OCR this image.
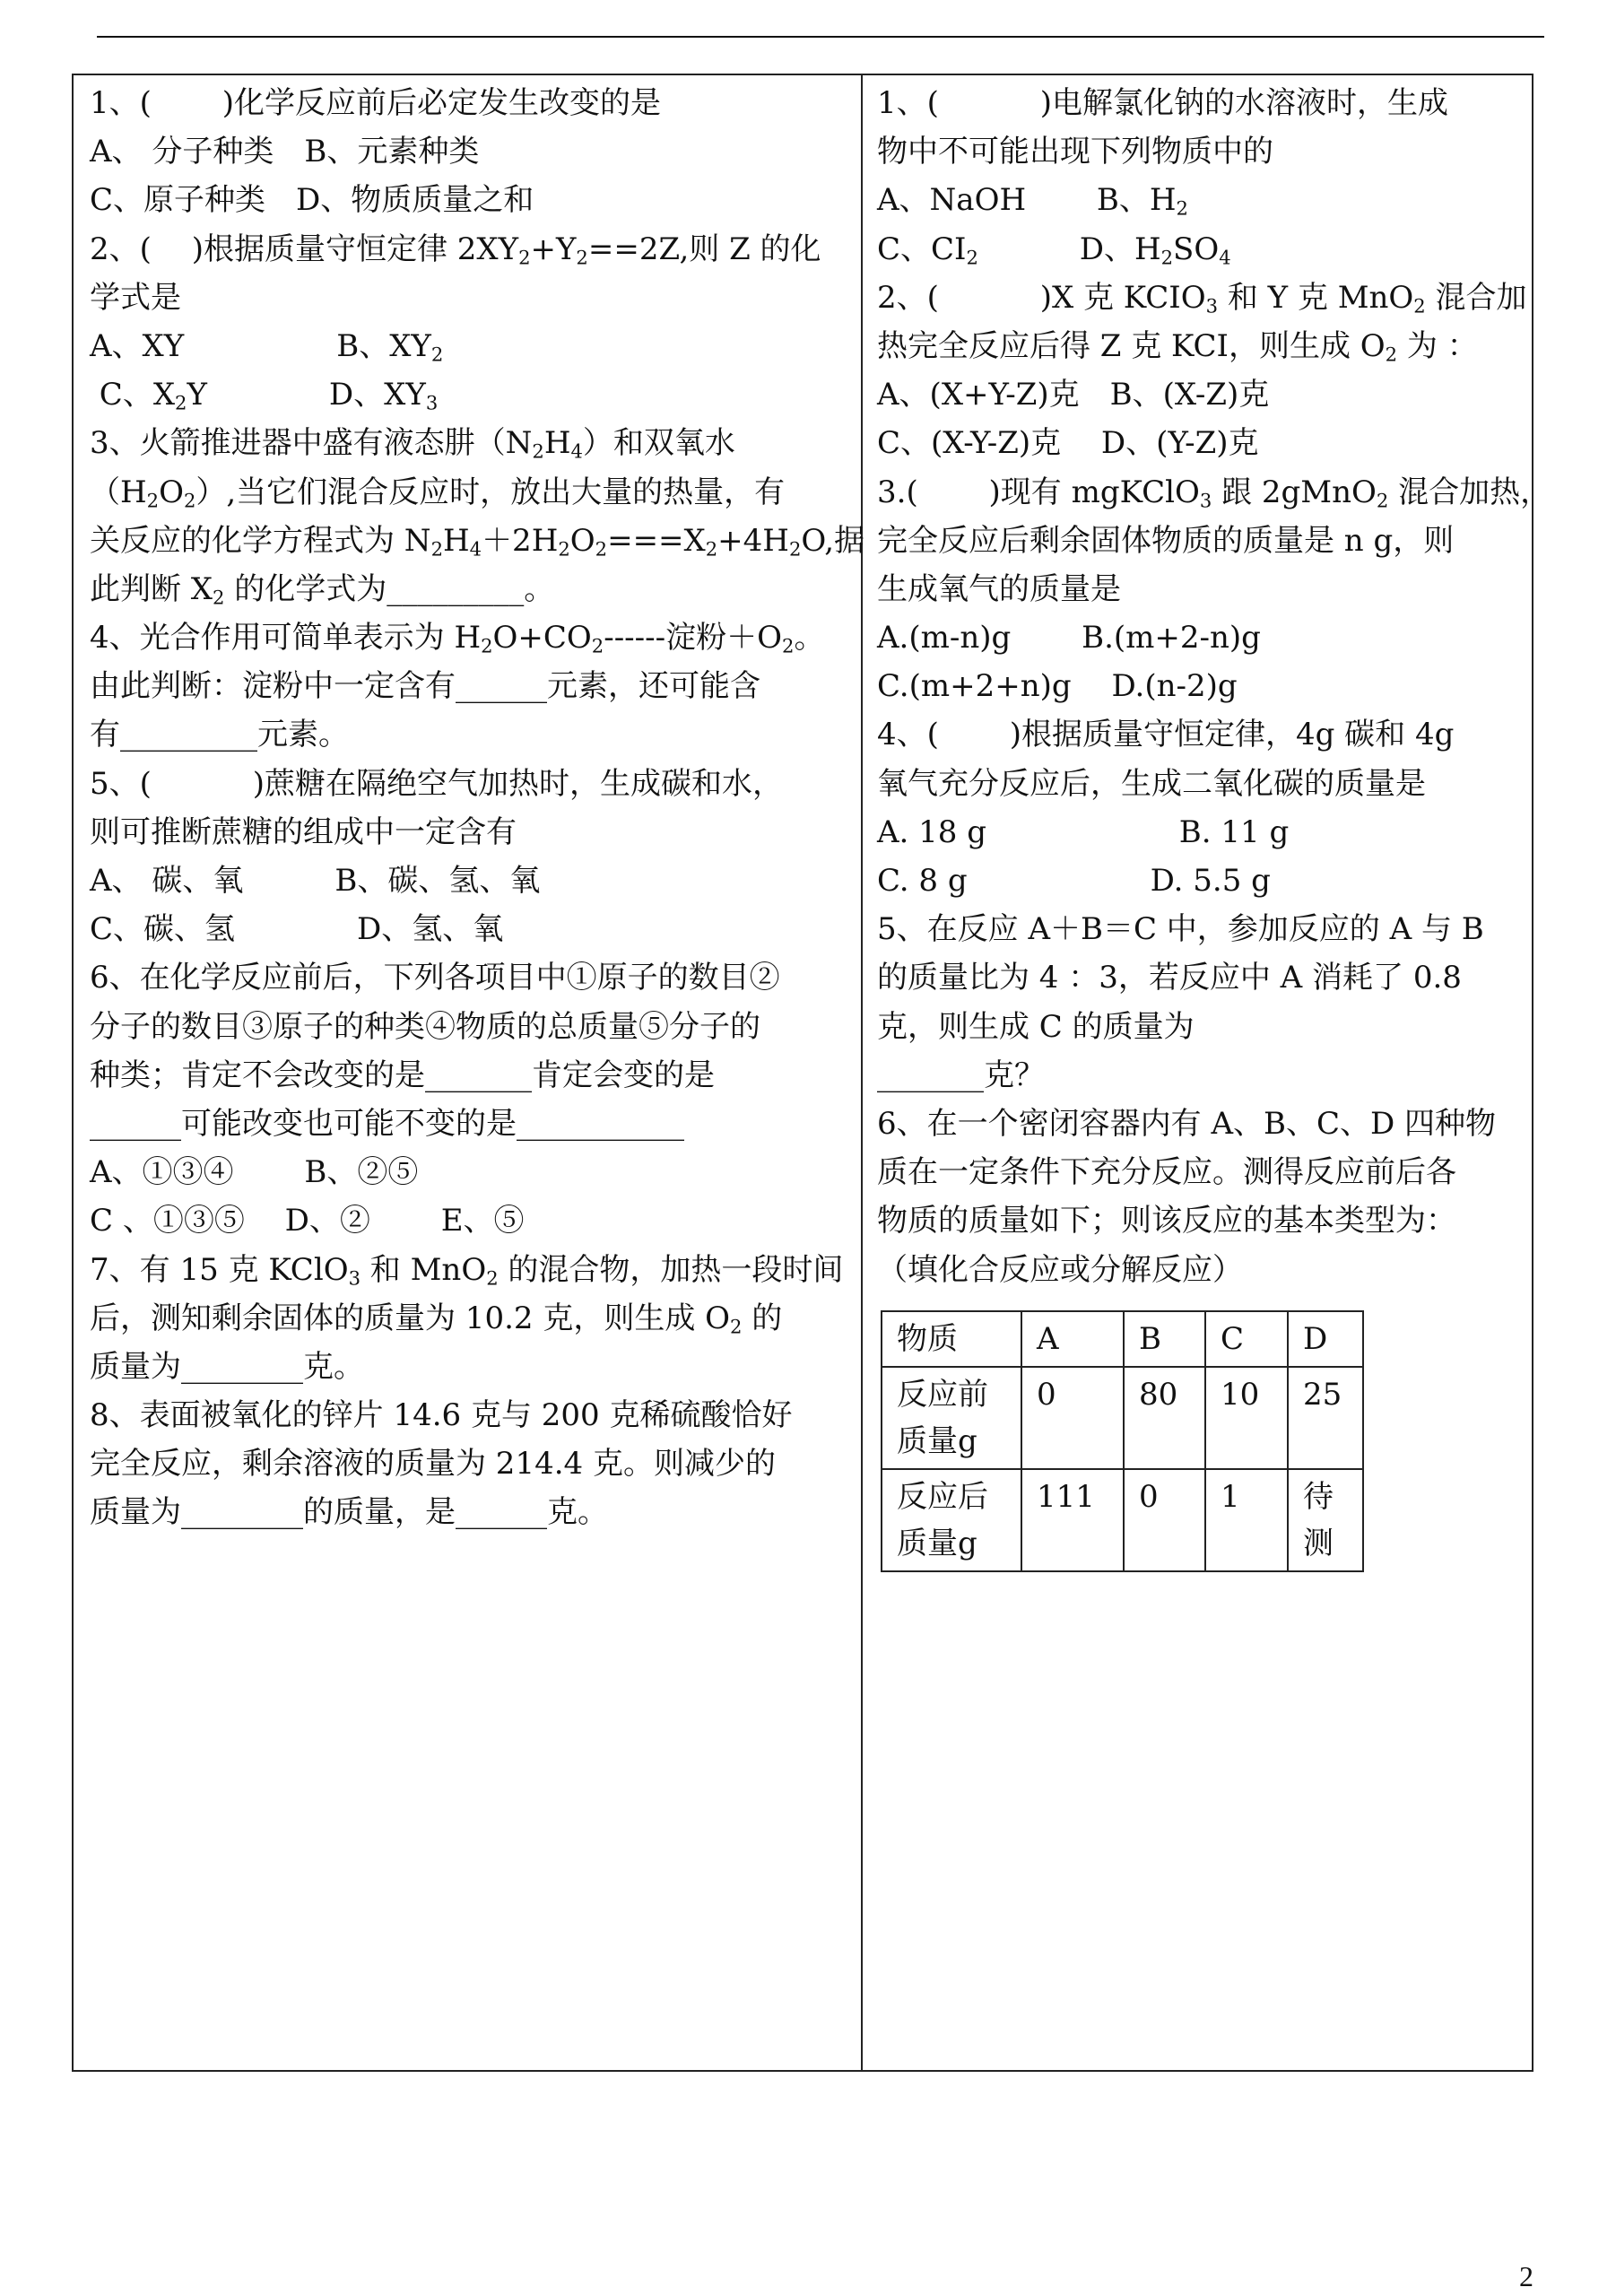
1、(　　 )化学反应前后必定发生改变的是
A、 分子种类　B、元素种类
C、原子种类　D、物质质量之和
2、(　 )根据质量守恒定律 $2XY_2+Y_2==2Z$,则 Z 的化
学式是
A、XY　　　　　B、$XY_2$
C、$X_2Y$　　　　D、$XY_3$
3、火箭推进器中盛有液态肼$(N_2H_4)$和双氧水
$(H_2O_2)$,当它们混合反应时，放出大量的热量，有
关反应的化学方程式为 $N_2H_4+2H_2O_2===X_2+4H_2O$,据
此判断 $X_2$ 的化学式为_________。
4、光合作用可简单表示为 $H_2O+CO_2------$淀粉$+O_2$。
由此判断：淀粉中一定含有______元素，还可能含
有_________元素。
5、(　　　 )蔗糖在隔绝空气加热时，生成碳和水，
则可推断蔗糖的组成中一定含有
A、 碳、氧　　　B、碳、氢、氧
C、碳、氢　　　　D、氢、氧
6、在化学反应前后，下列各项目中①原子的数目②
分子的数目③原子的种类④物质的总质量⑤分子的
种类；肯定不会改变的是_______肯定会变的是
______可能改变也可能不变的是___________
A、①③④　　 B、②⑤
C 、①③⑤　 D、②　　 E、⑤
7、有 15 克 KClO$_3$ 和 MnO$_2$ 的混合物，加热一段时间
后，测知剩余固体的质量为 10.2 克，则生成 $O_2$ 的
质量为________克。
8、表面被氧化的锌片 14.6 克与 200 克稀硫酸恰好
完全反应，剩余溶液的质量为 214.4 克。则减少的
质量为________的质量，是______克。
1、(　　　 )电解氯化钠的水溶液时，生成
物中不可能出现下列物质中的
A、NaOH　　 B、$H_2$
C、$CI_2$　　　 D、$H_2SO_4$
2、(　　　 )X 克 $KCIO_3$ 和 Y 克 MnO$_2$ 混合加
热完全反应后得 Z 克 KCI，则生成 $O_2$ 为 ：
A、(X+Y-Z)克　B、(X-Z)克
C、(X-Y-Z)克　 D、(Y-Z)克
3.(　　 )现有 mgKClO$_3$ 跟 2gMnO$_2$ 混合加热，
完全反应后剩余固体物质的质量是 n g，则
生成氧气的质量是
A.(m-n)g　　 B.(m+2-n)g
C.(m+2+n)g　 D.(n-2)g
4、(　　 )根据质量守恒定律，4g 碳和 4g
氧气充分反应后，生成二氧化碳的质量是
A. 18 g　　　　　　 B. 11 g
C. 8 g　　　　　　D. 5.5 g
5、在反应 A＋B＝C 中，参加反应的 A 与 B
的质量比为 4 ：3，若反应中 A 消耗了 0.8
克，则生成 C 的质量为
_______克？
6、在一个密闭容器内有 A、B、C、D 四种物
质在一定条件下充分反应。测得反应前后各
物质的质量如下；则该反应的基本类型为：
（填化合反应或分解反应）
物质	A	B	C	D
反应前质量g	0	80	10	25
反应后质量g	111	0	1	待测
2
